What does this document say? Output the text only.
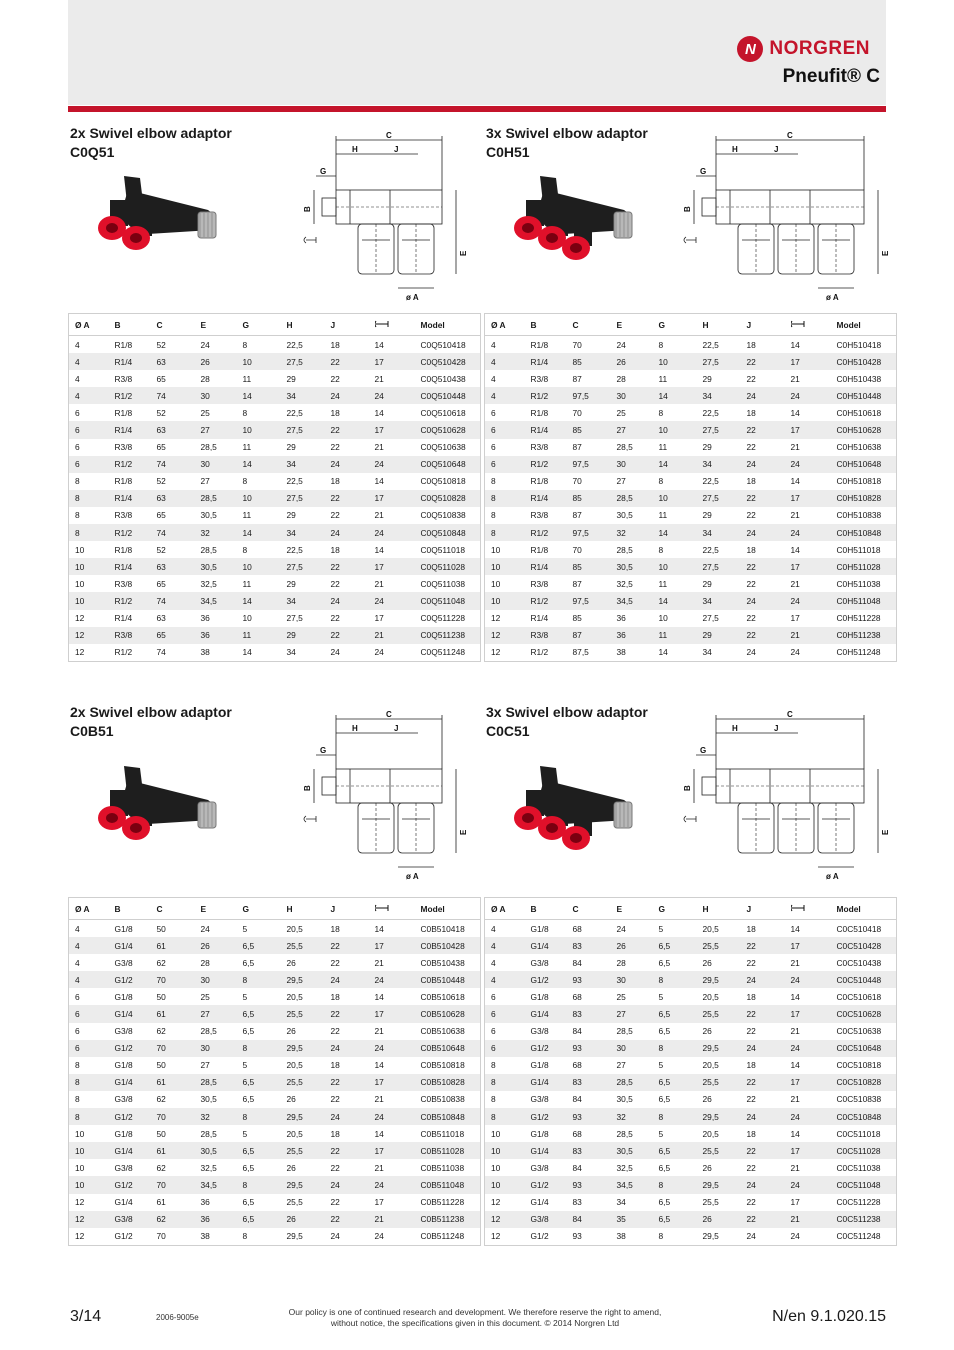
N NORGREN
Pneufit® C
2x Swivel elbow adaptor
C0Q51
C
H	J
G
B
E
ø A
Ø A	B	C	E	G	H	J		Model
4	R1/8	52	24	8	22,5	18	14	C0Q510418
4	R1/4	63	26	10	27,5	22	17	C0Q510428
4	R3/8	65	28	11	29	22	21	C0Q510438
4	R1/2	74	30	14	34	24	24	C0Q510448
6	R1/8	52	25	8	22,5	18	14	C0Q510618
6	R1/4	63	27	10	27,5	22	17	C0Q510628
6	R3/8	65	28,5	11	29	22	21	C0Q510638
6	R1/2	74	30	14	34	24	24	C0Q510648
8	R1/8	52	27	8	22,5	18	14	C0Q510818
8	R1/4	63	28,5	10	27,5	22	17	C0Q510828
8	R3/8	65	30,5	11	29	22	21	C0Q510838
8	R1/2	74	32	14	34	24	24	C0Q510848
10	R1/8	52	28,5	8	22,5	18	14	C0Q511018
10	R1/4	63	30,5	10	27,5	22	17	C0Q511028
10	R3/8	65	32,5	11	29	22	21	C0Q511038
10	R1/2	74	34,5	14	34	24	24	C0Q511048
12	R1/4	63	36	10	27,5	22	17	C0Q511228
12	R3/8	65	36	11	29	22	21	C0Q511238
12	R1/2	74	38	14	34	24	24	C0Q511248
3x Swivel elbow adaptor
C0H51
C
H	J
G
B
E
ø A
Ø A	B	C	E	G	H	J		Model
4	R1/8	70	24	8	22,5	18	14	C0H510418
4	R1/4	85	26	10	27,5	22	17	C0H510428
4	R3/8	87	28	11	29	22	21	C0H510438
4	R1/2	97,5	30	14	34	24	24	C0H510448
6	R1/8	70	25	8	22,5	18	14	C0H510618
6	R1/4	85	27	10	27,5	22	17	C0H510628
6	R3/8	87	28,5	11	29	22	21	C0H510638
6	R1/2	97,5	30	14	34	24	24	C0H510648
8	R1/8	70	27	8	22,5	18	14	C0H510818
8	R1/4	85	28,5	10	27,5	22	17	C0H510828
8	R3/8	87	30,5	11	29	22	21	C0H510838
8	R1/2	97,5	32	14	34	24	24	C0H510848
10	R1/8	70	28,5	8	22,5	18	14	C0H511018
10	R1/4	85	30,5	10	27,5	22	17	C0H511028
10	R3/8	87	32,5	11	29	22	21	C0H511038
10	R1/2	97,5	34,5	14	34	24	24	C0H511048
12	R1/4	85	36	10	27,5	22	17	C0H511228
12	R3/8	87	36	11	29	22	21	C0H511238
12	R1/2	87,5	38	14	34	24	24	C0H511248
2x Swivel elbow adaptor
C0B51
C
H	J
G
B
E
ø A
Ø A	B	C	E	G	H	J		Model
4	G1/8	50	24	5	20,5	18	14	C0B510418
4	G1/4	61	26	6,5	25,5	22	17	C0B510428
4	G3/8	62	28	6,5	26	22	21	C0B510438
4	G1/2	70	30	8	29,5	24	24	C0B510448
6	G1/8	50	25	5	20,5	18	14	C0B510618
6	G1/4	61	27	6,5	25,5	22	17	C0B510628
6	G3/8	62	28,5	6,5	26	22	21	C0B510638
6	G1/2	70	30	8	29,5	24	24	C0B510648
8	G1/8	50	27	5	20,5	18	14	C0B510818
8	G1/4	61	28,5	6,5	25,5	22	17	C0B510828
8	G3/8	62	30,5	6,5	26	22	21	C0B510838
8	G1/2	70	32	8	29,5	24	24	C0B510848
10	G1/8	50	28,5	5	20,5	18	14	C0B511018
10	G1/4	61	30,5	6,5	25,5	22	17	C0B511028
10	G3/8	62	32,5	6,5	26	22	21	C0B511038
10	G1/2	70	34,5	8	29,5	24	24	C0B511048
12	G1/4	61	36	6,5	25,5	22	17	C0B511228
12	G3/8	62	36	6,5	26	22	21	C0B511238
12	G1/2	70	38	8	29,5	24	24	C0B511248
3x Swivel elbow adaptor
C0C51
C
H	J
G
B
E
ø A
Ø A	B	C	E	G	H	J		Model
4	G1/8	68	24	5	20,5	18	14	C0C510418
4	G1/4	83	26	6,5	25,5	22	17	C0C510428
4	G3/8	84	28	6,5	26	22	21	C0C510438
4	G1/2	93	30	8	29,5	24	24	C0C510448
6	G1/8	68	25	5	20,5	18	14	C0C510618
6	G1/4	83	27	6,5	25,5	22	17	C0C510628
6	G3/8	84	28,5	6,5	26	22	21	C0C510638
6	G1/2	93	30	8	29,5	24	24	C0C510648
8	G1/8	68	27	5	20,5	18	14	C0C510818
8	G1/4	83	28,5	6,5	25,5	22	17	C0C510828
8	G3/8	84	30,5	6,5	26	22	21	C0C510838
8	G1/2	93	32	8	29,5	24	24	C0C510848
10	G1/8	68	28,5	5	20,5	18	14	C0C511018
10	G1/4	83	30,5	6,5	25,5	22	17	C0C511028
10	G3/8	84	32,5	6,5	26	22	21	C0C511038
10	G1/2	93	34,5	8	29,5	24	24	C0C511048
12	G1/4	83	34	6,5	25,5	22	17	C0C511228
12	G3/8	84	35	6,5	26	22	21	C0C511238
12	G1/2	93	38	8	29,5	24	24	C0C511248
3/14	2006-9005e
Our policy is one of continued research and development. We therefore reserve the right to amend,
without notice, the specifications given in this document. © 2014 Norgren Ltd	N/en 9.1.020.15
